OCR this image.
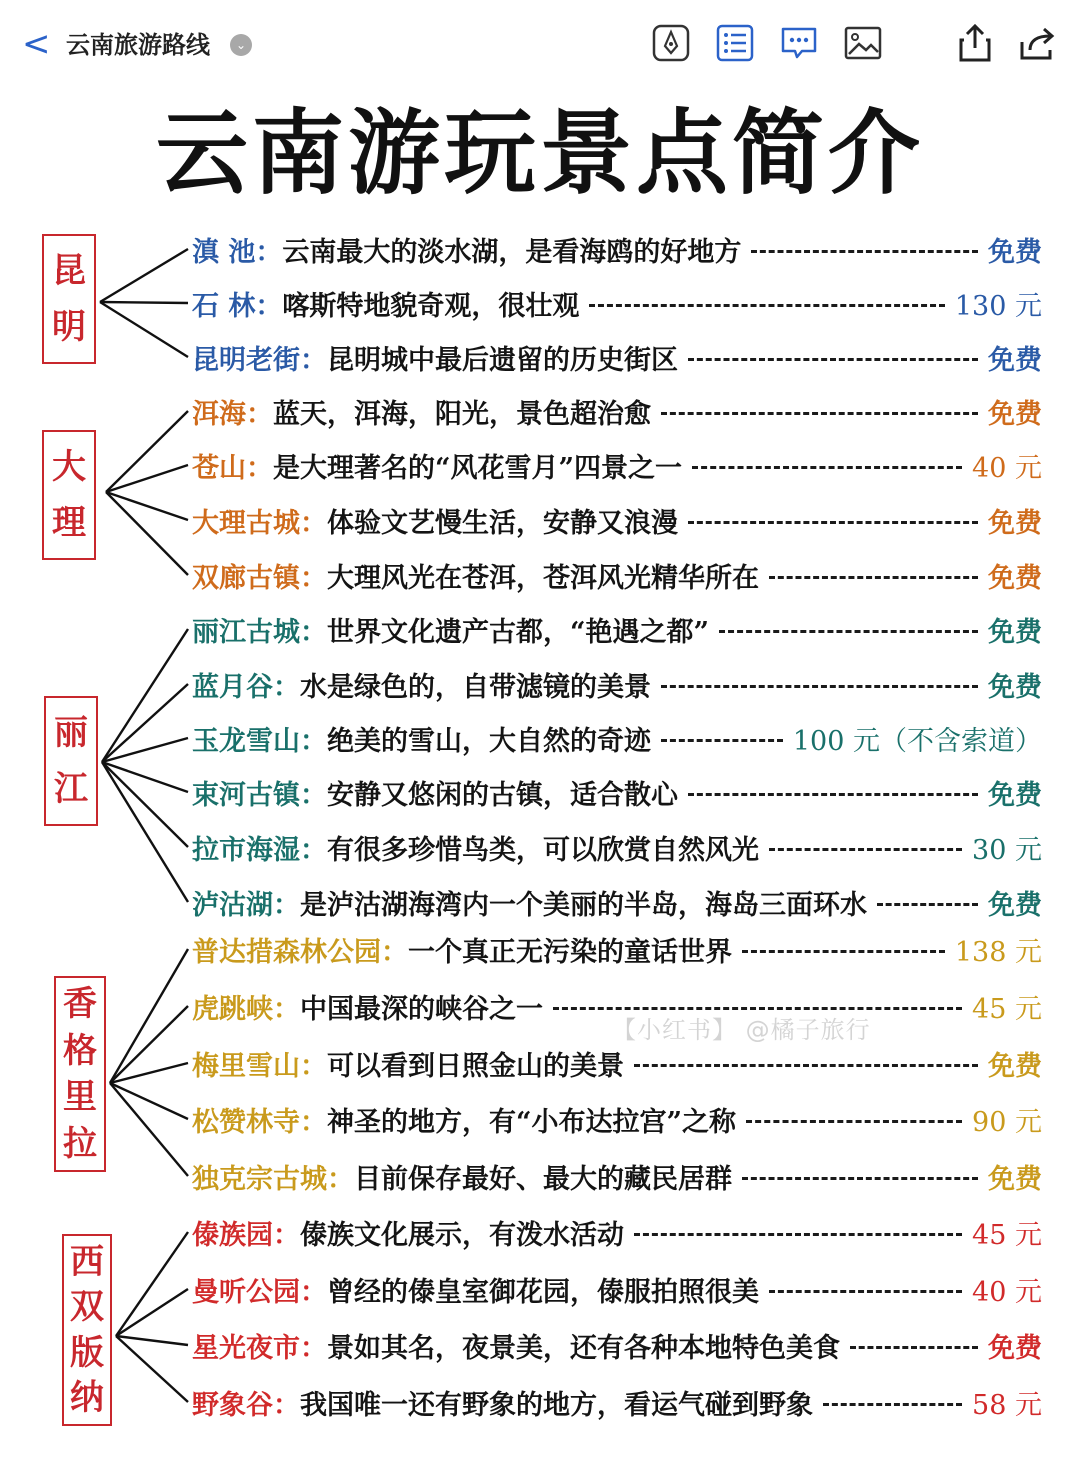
< 云南旅游路线	⌄
云南游玩景点简介
昆
明
大
理
丽
江
香
格
里
拉
西
双
版
纳
滇 池： 云南最大的淡水湖，是看海鸥的好地方	免费
石 林： 喀斯特地貌奇观，很壮观	130 元
昆明老街： 昆明城中最后遗留的历史街区	免费
洱海： 蓝天，洱海，阳光，景色超治愈	免费
苍山： 是大理著名的“风花雪月”四景之一	40 元
大理古城： 体验文艺慢生活，安静又浪漫	免费
双廊古镇： 大理风光在苍洱，苍洱风光精华所在	免费
丽江古城： 世界文化遗产古都，“艳遇之都”	免费
蓝月谷： 水是绿色的，自带滤镜的美景	免费
玉龙雪山： 绝美的雪山，大自然的奇迹	100 元（不含索道）
束河古镇： 安静又悠闲的古镇，适合散心	免费
拉市海湿： 有很多珍惜鸟类，可以欣赏自然风光	30 元
泸沽湖： 是泸沽湖海湾内一个美丽的半岛，海岛三面环水	免费
普达措森林公园： 一个真正无污染的童话世界	138 元
虎跳峡： 中国最深的峡谷之一	45 元
梅里雪山： 可以看到日照金山的美景	免费
松赞林寺： 神圣的地方，有“小布达拉宫”之称	90 元
独克宗古城： 目前保存最好、最大的藏民居群	免费
傣族园： 傣族文化展示，有泼水活动	45 元
曼听公园： 曾经的傣皇室御花园，傣服拍照很美	40 元
星光夜市： 景如其名，夜景美，还有各种本地特色美食	免费
野象谷： 我国唯一还有野象的地方，看运气碰到野象	58 元
【小红书】 @橘子旅行
